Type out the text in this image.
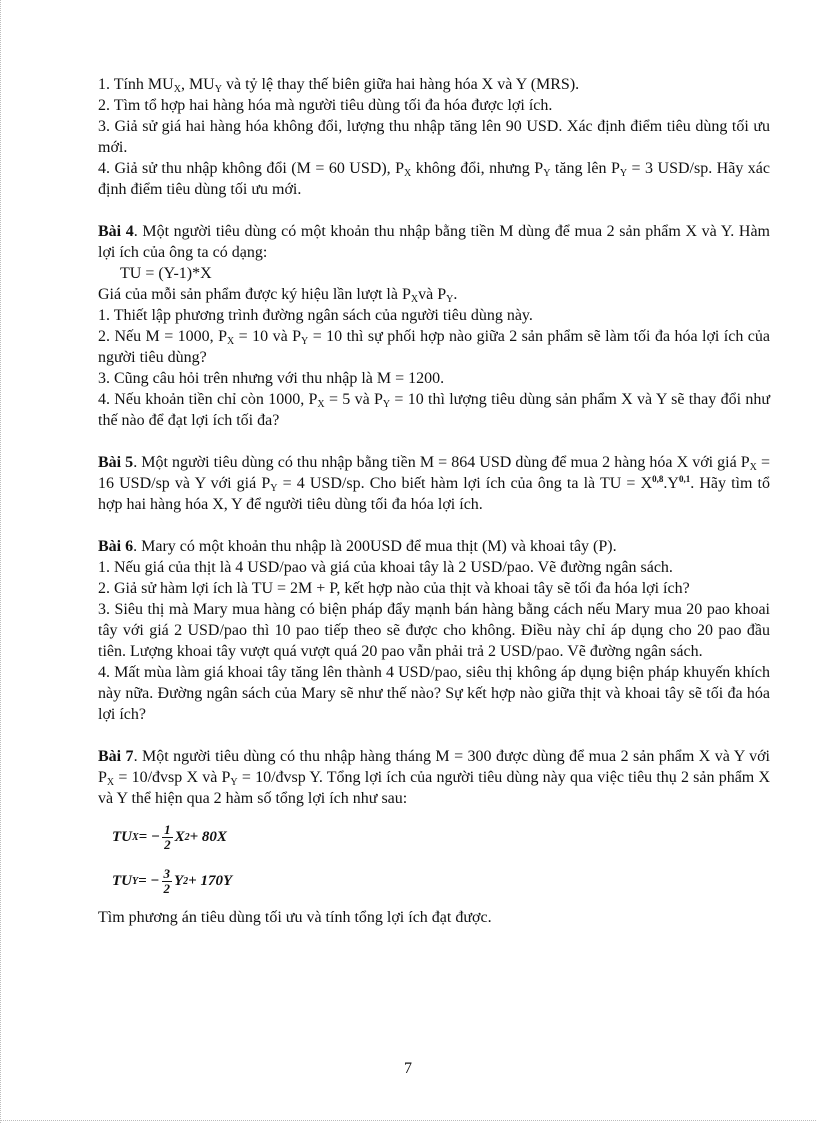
1. Tính $MU_X$, $MU_Y$ và tỷ lệ thay thế biên giữa hai hàng hóa X và Y (MRS).

2. Tìm tổ hợp hai hàng hóa mà người tiêu dùng tối đa hóa được lợi ích.

3. Giả sử giá hai hàng hóa không đổi, lượng thu nhập tăng lên 90 USD. Xác định điểm tiêu dùng tối ưu mới.

4. Giả sử thu nhập không đổi (M = 60 USD), $P_X$ không đổi, nhưng $P_Y$ tăng lên $P_Y = 3$ USD/sp. Hãy xác định điểm tiêu dùng tối ưu mới.

Bài 4. Một người tiêu dùng có một khoản thu nhập bằng tiền M dùng để mua 2 sản phẩm X và Y. Hàm lợi ích của ông ta có dạng:

TU = (Y-1)*X

Giá của mỗi sản phẩm được ký hiệu lần lượt là $P_Xvà$ $P_Y$.

1. Thiết lập phương trình đường ngân sách của người tiêu dùng này.

2. Nếu M = 1000, $P_X = 10$ và $P_Y = 10$ thì sự phối hợp nào giữa 2 sản phẩm sẽ làm tối đa hóa lợi ích của người tiêu dùng?

3. Cũng câu hỏi trên nhưng với thu nhập là M = 1200.

4. Nếu khoản tiền chỉ còn 1000, $P_X = 5$ và $P_Y = 10$ thì lượng tiêu dùng sản phẩm X và Y sẽ thay đổi như thế nào để đạt lợi ích tối đa?

Bài 5. Một người tiêu dùng có thu nhập bằng tiền M = 864 USD dùng để mua 2 hàng hóa X với giá $P_X = 16$ USD/sp và Y với giá $P_Y = 4$ USD/sp. Cho biết hàm lợi ích của ông ta là TU = $X^{0,8}.Y^{0,1}$. Hãy tìm tổ hợp hai hàng hóa X, Y để người tiêu dùng tối đa hóa lợi ích.

Bài 6. Mary có một khoản thu nhập là 200USD để mua thịt (M) và khoai tây (P).

1. Nếu giá của thịt là 4 USD/pao và giá của khoai tây là 2 USD/pao. Vẽ đường ngân sách.

2. Giả sử hàm lợi ích là TU = 2M + P, kết hợp nào của thịt và khoai tây sẽ tối đa hóa lợi ích?

3. Siêu thị mà Mary mua hàng có biện pháp đẩy mạnh bán hàng bằng cách nếu Mary mua 20 pao khoai tây với giá 2 USD/pao thì 10 pao tiếp theo sẽ được cho không. Điều này chỉ áp dụng cho 20 pao đầu tiên. Lượng khoai tây vượt quá vượt quá 20 pao vẫn phải trả 2 USD/pao. Vẽ đường ngân sách.

4. Mất mùa làm giá khoai tây tăng lên thành 4 USD/pao, siêu thị không áp dụng biện pháp khuyến khích này nữa. Đường ngân sách của Mary sẽ như thế nào? Sự kết hợp nào giữa thịt và khoai tây sẽ tối đa hóa lợi ích?

Bài 7. Một người tiêu dùng có thu nhập hàng tháng M = 300 được dùng để mua 2 sản phẩm X và Y với $P_X$ = 10/đvsp X và $P_Y$ = 10/đvsp Y. Tổng lợi ích của người tiêu dùng này qua việc tiêu thụ 2 sản phẩm X và Y thể hiện qua 2 hàm số tổng lợi ích như sau:

TU X = − $\frac{1}{2}$ X 2 + 80X
TU Y = − $\frac{3}{2}$ Y 2 + 170Y

Tìm phương án tiêu dùng tối ưu và tính tổng lợi ích đạt được.

7
